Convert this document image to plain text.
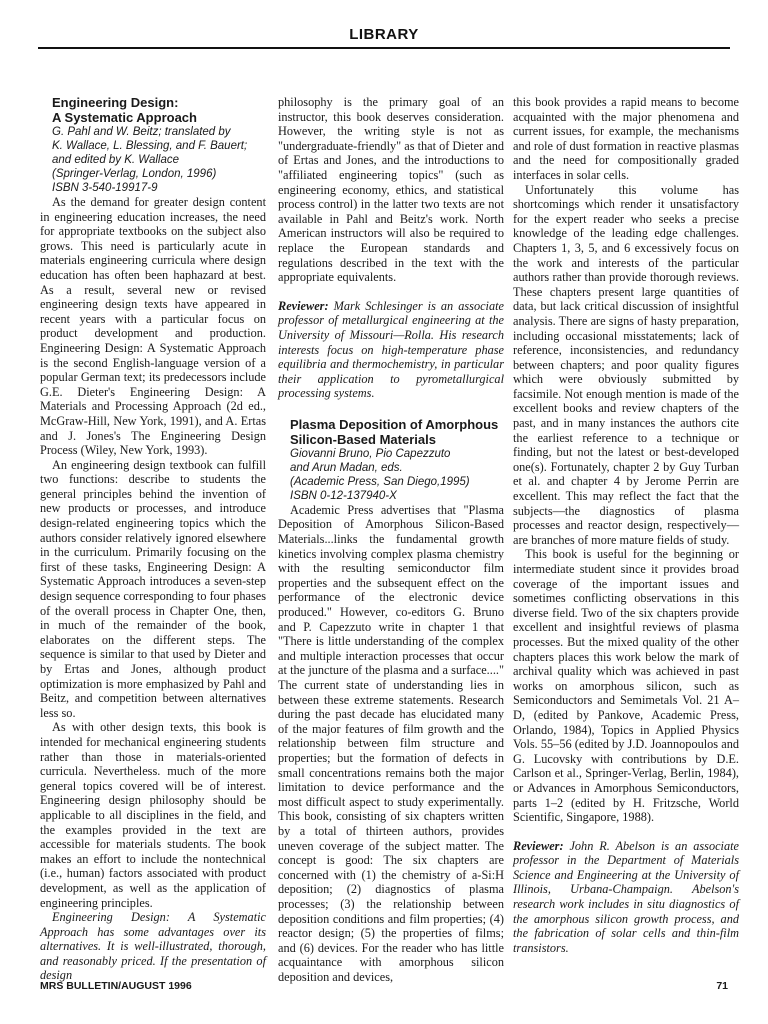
LIBRARY

Engineering Design:

A Systematic Approach

G. Pahl and W. Beitz; translated by

K. Wallace, L. Blessing, and F. Bauert;

and edited by K. Wallace

(Springer-Verlag, London, 1996)

ISBN 3-540-19917-9

As the demand for greater design content in engineering education increases, the need for appropriate textbooks on the subject also grows. This need is particularly acute in materials engineering curricula where design education has often been haphazard at best. As a result, several new or revised engineering design texts have appeared in recent years with a particular focus on product development and production. Engineering Design: A Systematic Approach is the second English-language version of a popular German text; its predecessors include G.E. Dieter's Engineering Design: A Materials and Processing Approach (2d ed., McGraw-Hill, New York, 1991), and A. Ertas and J. Jones's The Engineering Design Process (Wiley, New York, 1993).

An engineering design textbook can fulfill two functions: describe to students the general principles behind the invention of new products or processes, and introduce design-related engineering topics which the authors consider relatively ignored elsewhere in the curriculum. Primarily focusing on the first of these tasks, Engineering Design: A Systematic Approach introduces a seven-step design sequence corresponding to four phases of the overall process in Chapter One, then, in much of the remainder of the book, elaborates on the different steps. The sequence is similar to that used by Dieter and by Ertas and Jones, although product optimization is more emphasized by Pahl and Beitz, and competition between alternatives less so.

As with other design texts, this book is intended for mechanical engineering students rather than those in materials-oriented curricula. Nevertheless. much of the more general topics covered will be of interest. Engineering design philosophy should be applicable to all disciplines in the field, and the examples provided in the text are accessible for materials students. The book makes an effort to include the nontechnical (i.e., human) factors associated with product development, as well as the application of engineering principles.

Engineering Design: A Systematic Approach has some advantages over its alternatives. It is well-illustrated, thorough, and reasonably priced. If the presentation of design

philosophy is the primary goal of an instructor, this book deserves consideration. However, the writing style is not as "undergraduate-friendly" as that of Dieter and of Ertas and Jones, and the introductions to "affiliated engineering topics" (such as engineering economy, ethics, and statistical process control) in the latter two texts are not available in Pahl and Beitz's work. North American instructors will also be required to replace the European standards and regulations described in the text with the appropriate equivalents.

Reviewer: Mark Schlesinger is an associate professor of metallurgical engineering at the University of Missouri—Rolla. His research interests focus on high-temperature phase equilibria and thermochemistry, in particular their application to pyrometallurgical processing systems.

Plasma Deposition of Amorphous

Silicon-Based Materials

Giovanni Bruno, Pio Capezzuto

and Arun Madan, eds.

(Academic Press, San Diego,1995)

ISBN 0-12-137940-X

Academic Press advertises that "Plasma Deposition of Amorphous Silicon-Based Materials...links the fundamental growth kinetics involving complex plasma chemistry with the resulting semiconductor film properties and the subsequent effect on the performance of the electronic device produced." However, co-editors G. Bruno and P. Capezzuto write in chapter 1 that "There is little understanding of the complex and multiple interaction processes that occur at the juncture of the plasma and a surface...." The current state of understanding lies in between these extreme statements. Research during the past decade has elucidated many of the major features of film growth and the relationship between film structure and properties; but the formation of defects in small concentrations remains both the major limitation to device performance and the most difficult aspect to study experimentally. This book, consisting of six chapters written by a total of thirteen authors, provides uneven coverage of the subject matter. The concept is good: The six chapters are concerned with (1) the chemistry of a-Si:H deposition; (2) diagnostics of plasma processes; (3) the relationship between deposition conditions and film properties; (4) reactor design; (5) the properties of films; and (6) devices. For the reader who has little acquaintance with amorphous silicon deposition and devices,

this book provides a rapid means to become acquainted with the major phenomena and current issues, for example, the mechanisms and role of dust formation in reactive plasmas and the need for compositionally graded interfaces in solar cells.

Unfortunately this volume has shortcomings which render it unsatisfactory for the expert reader who seeks a precise knowledge of the leading edge challenges. Chapters 1, 3, 5, and 6 excessively focus on the work and interests of the particular authors rather than provide thorough reviews. These chapters present large quantities of data, but lack critical discussion of insightful analysis. There are signs of hasty preparation, including occasional misstatements; lack of reference, inconsistencies, and redundancy between chapters; and poor quality figures which were obviously submitted by facsimile. Not enough mention is made of the excellent books and review chapters of the past, and in many instances the authors cite the earliest reference to a technique or finding, but not the latest or best-developed one(s). Fortunately, chapter 2 by Guy Turban et al. and chapter 4 by Jerome Perrin are excellent. This may reflect the fact that the subjects—the diagnostics of plasma processes and reactor design, respectively—are branches of more mature fields of study.

This book is useful for the beginning or intermediate student since it provides broad coverage of the important issues and sometimes conflicting observations in this diverse field. Two of the six chapters provide excellent and insightful reviews of plasma processes. But the mixed quality of the other chapters places this work below the mark of archival quality which was achieved in past works on amorphous silicon, such as Semiconductors and Semimetals Vol. 21 A–D, (edited by Pankove, Academic Press, Orlando, 1984), Topics in Applied Physics Vols. 55–56 (edited by J.D. Joannopoulos and G. Lucovsky with contributions by D.E. Carlson et al., Springer-Verlag, Berlin, 1984), or Advances in Amorphous Semiconductors, parts 1–2 (edited by H. Fritzsche, World Scientific, Singapore, 1988).

Reviewer: John R. Abelson is an associate professor in the Department of Materials Science and Engineering at the University of Illinois, Urbana-Champaign. Abelson's research work includes in situ diagnostics of the amorphous silicon growth process, and the fabrication of solar cells and thin-film transistors.

MRS BULLETIN/AUGUST 1996	71
